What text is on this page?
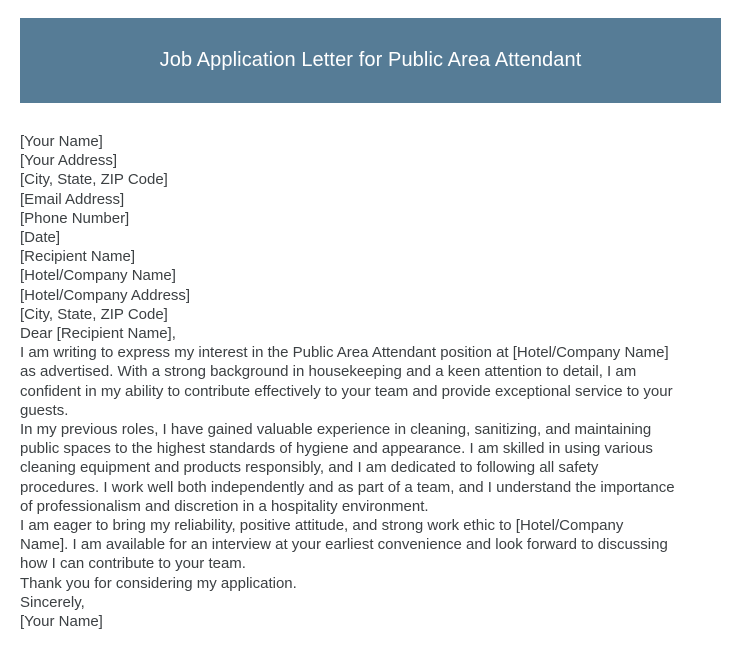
Job Application Letter for Public Area Attendant
[Your Name]
[Your Address]
[City, State, ZIP Code]
[Email Address]
[Phone Number]
[Date]
[Recipient Name]
[Hotel/Company Name]
[Hotel/Company Address]
[City, State, ZIP Code]
Dear [Recipient Name],
I am writing to express my interest in the Public Area Attendant position at [Hotel/Company Name]
as advertised. With a strong background in housekeeping and a keen attention to detail, I am
confident in my ability to contribute effectively to your team and provide exceptional service to your
guests.
In my previous roles, I have gained valuable experience in cleaning, sanitizing, and maintaining
public spaces to the highest standards of hygiene and appearance. I am skilled in using various
cleaning equipment and products responsibly, and I am dedicated to following all safety
procedures. I work well both independently and as part of a team, and I understand the importance
of professionalism and discretion in a hospitality environment.
I am eager to bring my reliability, positive attitude, and strong work ethic to [Hotel/Company
Name]. I am available for an interview at your earliest convenience and look forward to discussing
how I can contribute to your team.
Thank you for considering my application.
Sincerely,
[Your Name]
